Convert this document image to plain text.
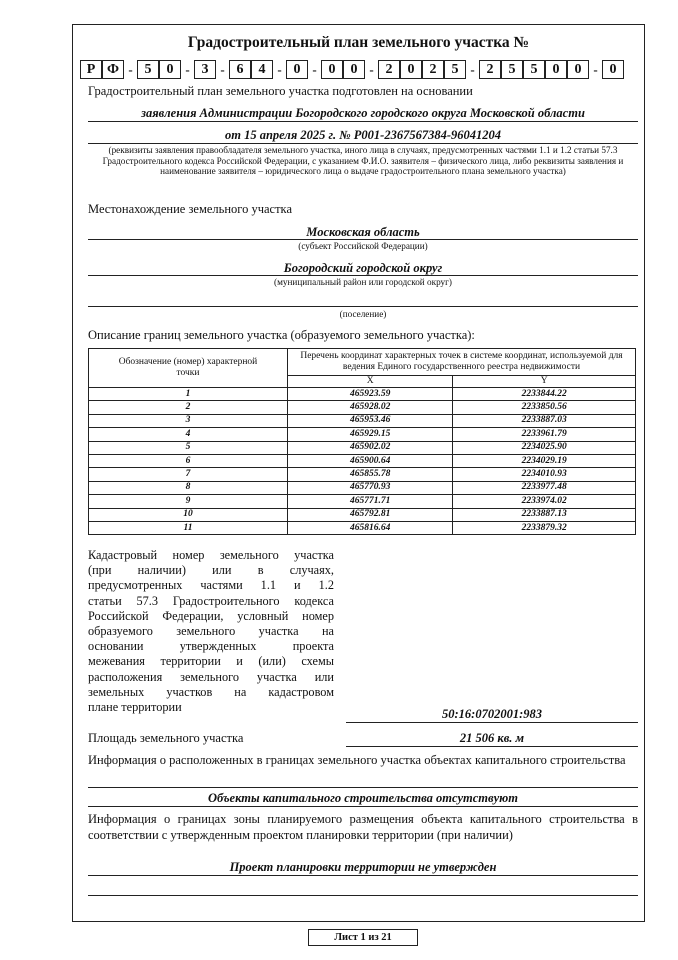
Градостроительный план земельного участка №
Р Ф - 5	0 - 3 - 6	4 - 0 - 0	0 - 2	0	2	5 - 2	5	5	0	0 - 0
Градостроительный план земельного участка подготовлен на основании
заявления Администрации Богородского городского округа Московской области
от 15 апреля 2025 г. № Р001-2367567384-96041204
(реквизиты заявления правообладателя земельного участка, иного лица в случаях, предусмотренных частями 1.1 и 1.2 статьи 57.3 Градостроительного кодекса Российской Федерации, с указанием Ф.И.О. заявителя – физического лица, либо реквизиты заявления и наименование заявителя – юридического лица о выдаче градостроительного плана земельного участка)
Местонахождение земельного участка
Московская область
(субъект Российской Федерации)
Богородский городской округ
(муниципальный район или городской округ)
(поселение)
Описание границ земельного участка (образуемого земельного участка):
Обозначение (номер) характерной точки	Перечень координат характерных точек в системе координат, используемой для ведения Единого государственного реестра недвижимости	
	X	Y
1	465923.59	2233844.22
2	465928.02	2233850.56
3	465953.46	2233887.03
4	465929.15	2233961.79
5	465902.02	2234025.90
6	465900.64	2234029.19
7	465855.78	2234010.93
8	465770.93	2233977.48
9	465771.71	2233974.02
10	465792.81	2233887.13
11	465816.64	2233879.32
Кадастровый номер земельного участка
(при наличии) или в случаях,
предусмотренных частями 1.1 и 1.2
статьи 57.3 Градостроительного кодекса
Российской Федерации, условный номер
образуемого земельного участка на
основании утвержденных проекта
межевания территории и (или) схемы
расположения земельного участка или
земельных участков на кадастровом
плане территории	50:16:0702001:983
Площадь земельного участка	21 506 кв. м
Информация о расположенных в границах земельного участка объектах капитального строительства
Объекты капитального строительства отсутствуют
Информация о границах зоны планируемого размещения объекта капитального строительства в соответствии с утвержденным проектом планировки территории (при наличии)
Проект планировки территории не утвержден
Лист 1 из 21
